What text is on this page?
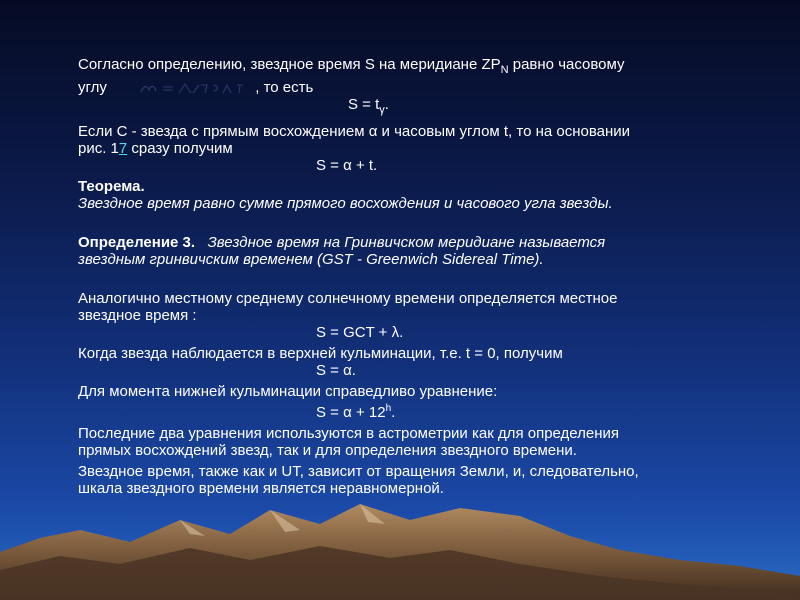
Согласно определению, звездное время S на меридиане $ZP_N$ равно часовому

углу	, то есть

$S = t_\gamma$.

Если С - звезда с прямым восхождением α и часовым углом t, то на основании

рис. 17 сразу получим

S = α + t.

Теорема.

Звездное время равно сумме прямого восхождения и часового угла звезды.

Определение 3. Звездное время на Гринвичском меридиане называется

звездным гринвичским временем (GST - Greenwich Sidereal Time).

Аналогично местному среднему солнечному времени определяется местное

звездное время :

S = GCT + λ.

Когда звезда наблюдается в верхней кульминации, т.е. t = 0, получим

S = α.

Для момента нижней кульминации справедливо уравнение:

$S = \alpha + 12^h$.

Последние два уравнения используются в астрометрии как для определения

прямых восхождений звезд, так и для определения звездного времени.

Звездное время, также как и UT, зависит от вращения Земли, и, следовательно,

шкала звездного времени является неравномерной.
